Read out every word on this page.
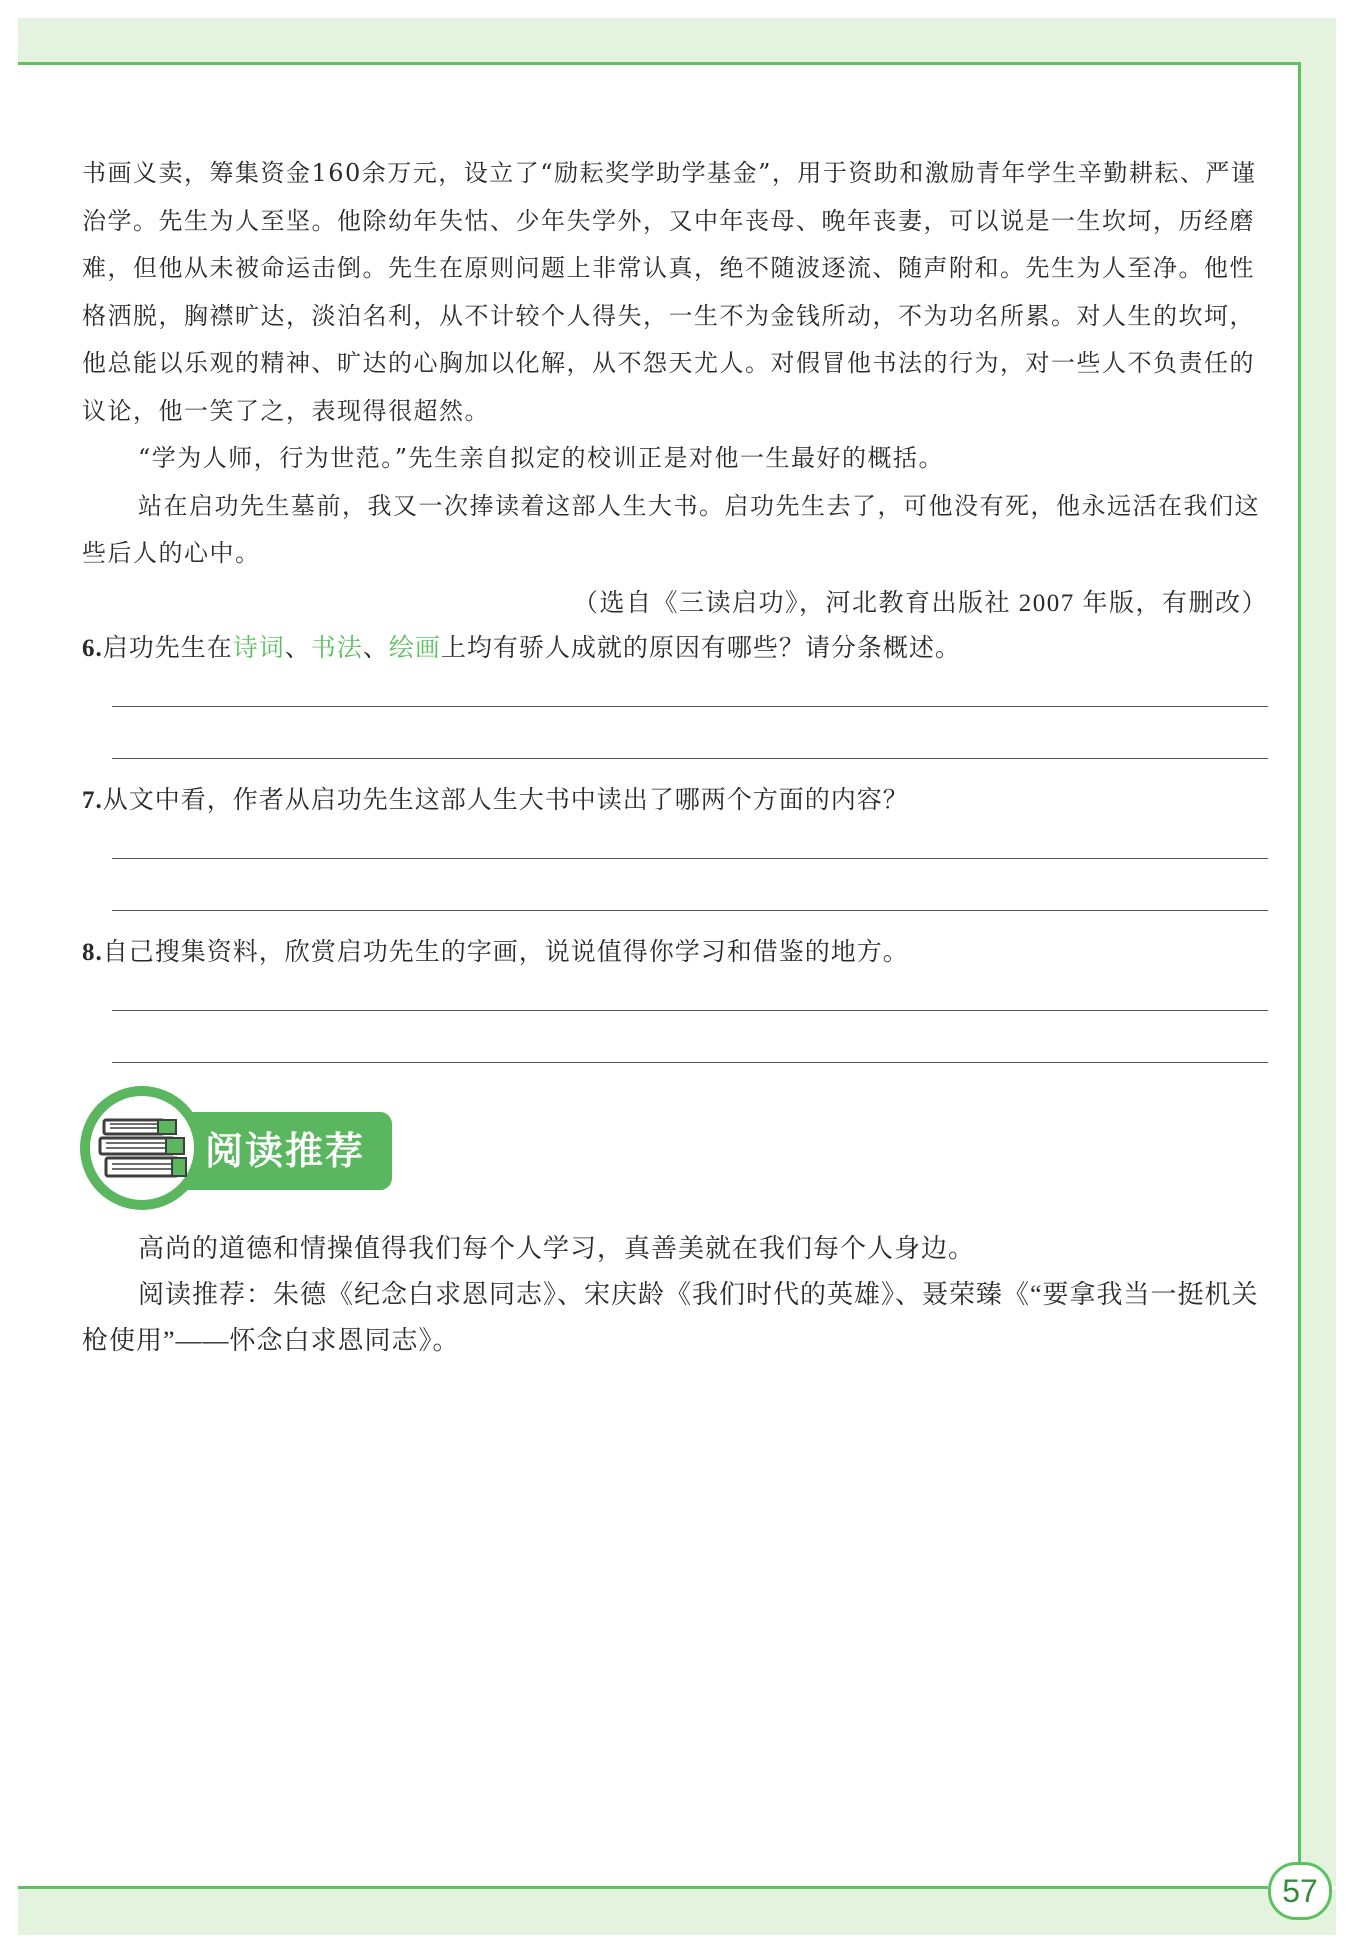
57

书画义卖，筹集资金160余万元，设立了“励耘奖学助学基金”，用于资助和激励青年学生辛勤耕耘、严谨治学。先生为人至坚。他除幼年失怙、少年失学外，又中年丧母、晚年丧妻，可以说是一生坎坷，历经磨难，但他从未被命运击倒。先生在原则问题上非常认真，绝不随波逐流、随声附和。先生为人至净。他性格洒脱，胸襟旷达，淡泊名利，从不计较个人得失，一生不为金钱所动，不为功名所累。对人生的坎坷，他总能以乐观的精神、旷达的心胸加以化解，从不怨天尤人。对假冒他书法的行为，对一些人不负责任的议论，他一笑了之，表现得很超然。

“学为人师，行为世范。”先生亲自拟定的校训正是对他一生最好的概括。

站在启功先生墓前，我又一次捧读着这部人生大书。启功先生去了，可他没有死，他永远活在我们这些后人的心中。

（选自《三读启功》，河北教育出版社 2007 年版，有删改）

6.启功先生在诗词、书法、绘画上均有骄人成就的原因有哪些？请分条概述。
7.从文中看，作者从启功先生这部人生大书中读出了哪两个方面的内容？
8.自己搜集资料，欣赏启功先生的字画，说说值得你学习和借鉴的地方。
阅读推荐

高尚的道德和情操值得我们每个人学习，真善美就在我们每个人身边。

阅读推荐：朱德《纪念白求恩同志》、宋庆龄《我们时代的英雄》、聂荣臻《“要拿我当一挺机关枪使用”——怀念白求恩同志》。
